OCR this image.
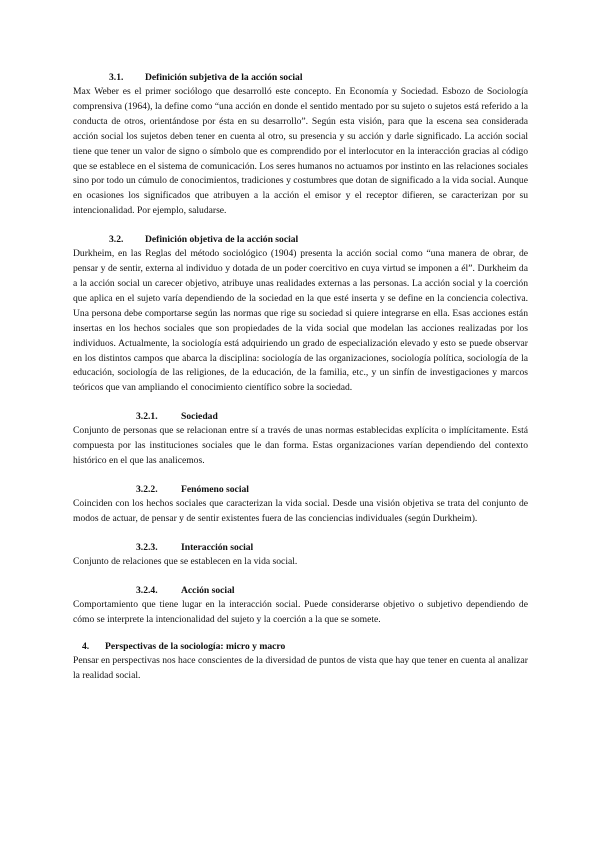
3.1.	Definición subjetiva de la acción social

Max Weber es el primer sociólogo que desarrolló este concepto. En Economía y Sociedad. Esbozo de Sociología comprensiva (1964), la define como “una acción en donde el sentido mentado por su sujeto o sujetos está referido a la conducta de otros, orientándose por ésta en su desarrollo”. Según esta visión, para que la escena sea considerada acción social los sujetos deben tener en cuenta al otro, su presencia y su acción y darle significado. La acción social tiene que tener un valor de signo o símbolo que es comprendido por el interlocutor en la interacción gracias al código que se establece en el sistema de comunicación. Los seres humanos no actuamos por instinto en las relaciones sociales sino por todo un cúmulo de conocimientos, tradiciones y costumbres que dotan de significado a la vida social. Aunque en ocasiones los significados que atribuyen a la acción el emisor y el receptor difieren, se caracterizan por su intencionalidad. Por ejemplo, saludarse.

3.2.	Definición objetiva de la acción social

Durkheim, en las Reglas del método sociológico (1904) presenta la acción social como “una manera de obrar, de pensar y de sentir, externa al individuo y dotada de un poder coercitivo en cuya virtud se imponen a él”. Durkheim da a la acción social un carecer objetivo, atribuye unas realidades externas a las personas. La acción social y la coerción que aplica en el sujeto varía dependiendo de la sociedad en la que esté inserta y se define en la conciencia colectiva. Una persona debe comportarse según las normas que rige su sociedad si quiere integrarse en ella. Esas acciones están insertas en los hechos sociales que son propiedades de la vida social que modelan las acciones realizadas por los individuos. Actualmente, la sociología está adquiriendo un grado de especialización elevado y esto se puede observar en los distintos campos que abarca la disciplina: sociología de las organizaciones, sociología política, sociología de la educación, sociología de las religiones, de la educación, de la familia, etc., y un sinfín de investigaciones y marcos teóricos que van ampliando el conocimiento científico sobre la sociedad.

3.2.1.	Sociedad

Conjunto de personas que se relacionan entre sí a través de unas normas establecidas explícita o implícitamente. Está compuesta por las instituciones sociales que le dan forma. Estas organizaciones varían dependiendo del contexto histórico en el que las analicemos.

3.2.2.	Fenómeno social

Coinciden con los hechos sociales que caracterizan la vida social. Desde una visión objetiva se trata del conjunto de modos de actuar, de pensar y de sentir existentes fuera de las conciencias individuales (según Durkheim).

3.2.3.	Interacción social

Conjunto de relaciones que se establecen en la vida social.

3.2.4.	Acción social

Comportamiento que tiene lugar en la interacción social. Puede considerarse objetivo o subjetivo dependiendo de cómo se interprete la intencionalidad del sujeto y la coerción a la que se somete.

4.	Perspectivas de la sociología: micro y macro

Pensar en perspectivas nos hace conscientes de la diversidad de puntos de vista que hay que tener en cuenta al analizar la realidad social.
